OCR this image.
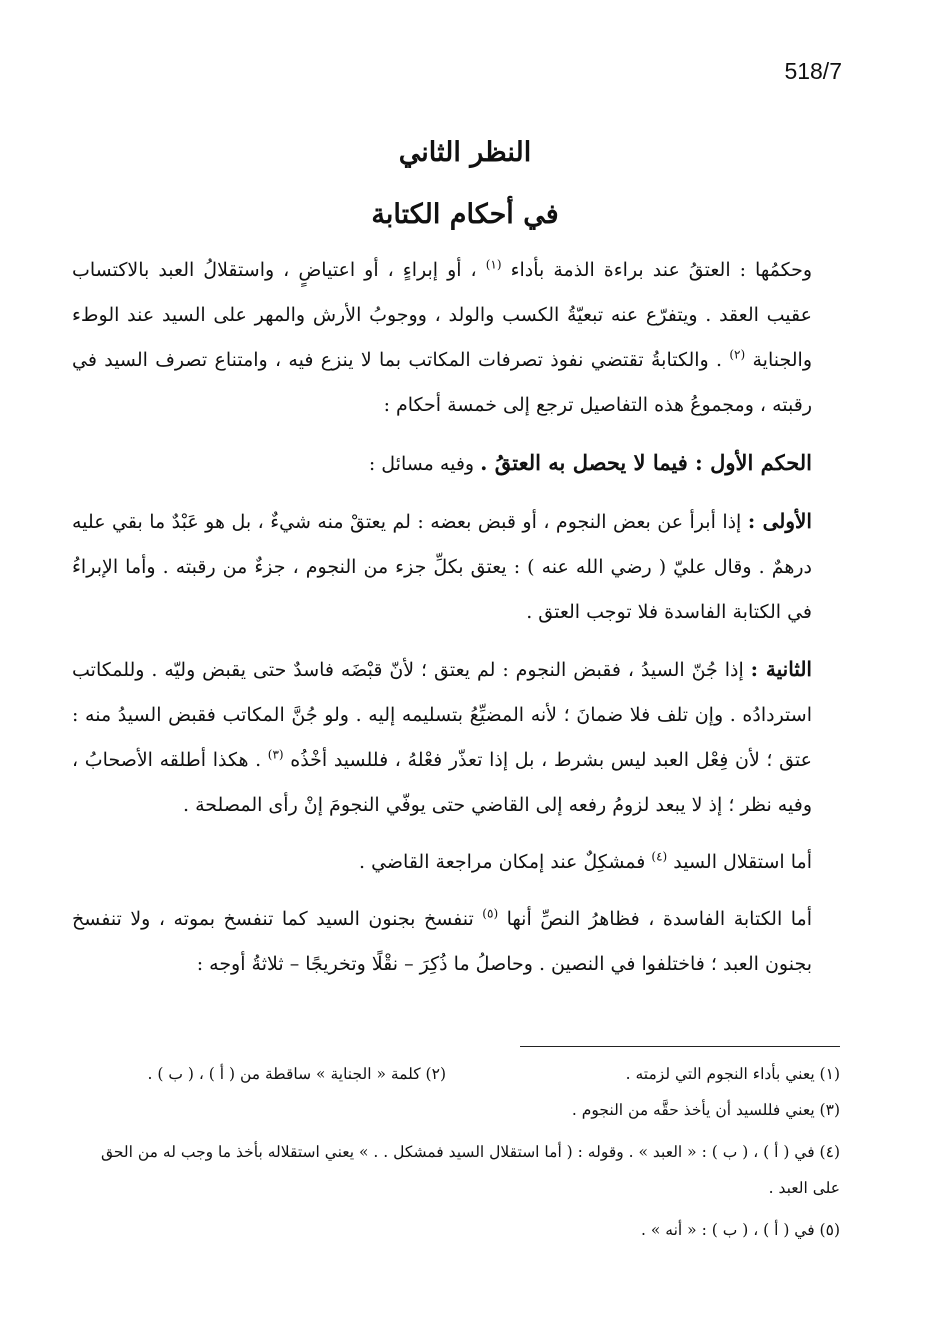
518/7
النظر الثاني
في أحكام الكتابة

وحكمُها : العتقُ عند براءة الذمة بأداء $^{(١)}$ ، أو إبراءٍ ، أو اعتياضٍ ، واستقلالُ العبد بالاكتساب عقيب العقد . ويتفرّع عنه تبعيّةُ الكسب والولد ، ووجوبُ الأرش والمهر على السيد عند الوطء والجناية $^{(٢)}$ . والكتابةُ تقتضي نفوذ تصرفات المكاتب بما لا ينزع فيه ، وامتناع تصرف السيد في رقبته ، ومجموعُ هذه التفاصيل ترجع إلى خمسة أحكام :

الحكم الأول : فيما لا يحصل به العتقُ . وفيه مسائل :

الأولى : إذا أبرأ عن بعض النجوم ، أو قبض بعضه : لم يعتقْ منه شيءٌ ، بل هو عَبْدٌ ما بقي عليه درهمٌ . وقال عليّ ( رضي الله عنه ) : يعتق بكلِّ جزء من النجوم ، جزءٌ من رقبته . وأما الإبراءُ في الكتابة الفاسدة فلا توجب العتق .

الثانية : إذا جُنّ السيدُ ، فقبض النجوم : لم يعتق ؛ لأنّ قبْضَه فاسدٌ حتى يقبض وليّه . وللمكاتب استردادُه . وإن تلف فلا ضمانَ ؛ لأنه المضيِّعُ بتسليمه إليه . ولو جُنَّ المكاتب فقبض السيدُ منه : عتق ؛ لأن فِعْل العبد ليس بشرط ، بل إذا تعذّر فعْلهُ ، فللسيد أخْذُه $^{(٣)}$ . هكذا أطلقه الأصحابُ ، وفيه نظر ؛ إذ لا يبعد لزومُ رفعه إلى القاضي حتى يوفّي النجومَ إنْ رأى المصلحة .

أما استقلال السيد $^{(٤)}$ فمشكِلٌ عند إمكان مراجعة القاضي .

أما الكتابة الفاسدة ، فظاهرُ النصِّ أنها $^{(٥)}$ تنفسخ بجنون السيد كما تنفسخ بموته ، ولا تنفسخ بجنون العبد ؛ فاختلفوا في النصين . وحاصلُ ما ذُكِرَ – نقْلًا وتخريجًا – ثلاثةُ أوجه :

(١) يعني بأداء النجوم التي لزمته .
(٢) كلمة « الجناية » ساقطة من ( أ ) ، ( ب ) .
(٣) يعني فللسيد أن يأخذ حقَّه من النجوم .
(٤) في ( أ ) ، ( ب ) : « العبد » . وقوله : ( أما استقلال السيد فمشكل . . » يعني استقلاله بأخذ ما وجب له من الحق على العبد .
(٥) في ( أ ) ، ( ب ) : « أنه » .
